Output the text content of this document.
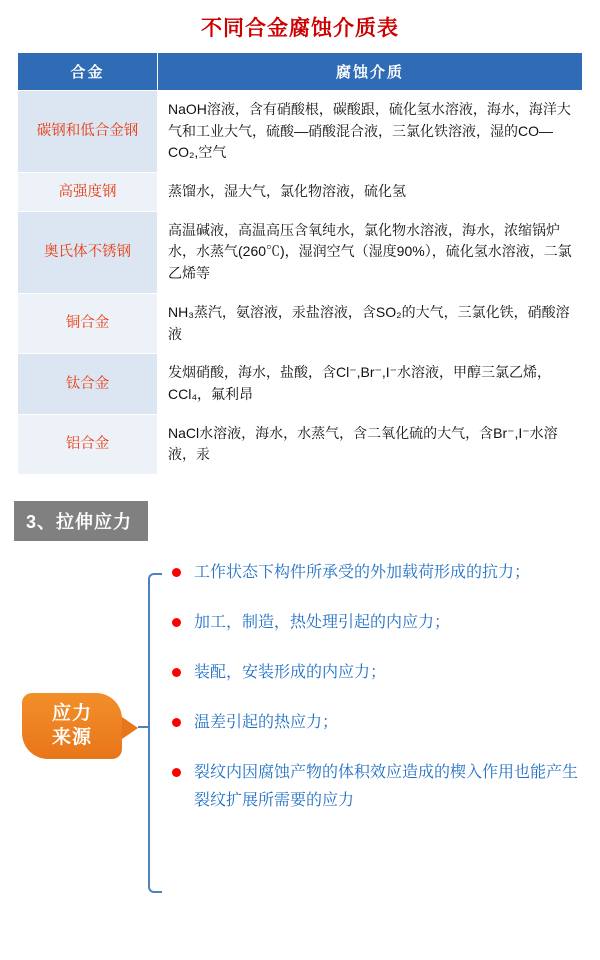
不同合金腐蚀介质表
合金	腐蚀介质
碳钢和低合金钢	NaOH溶液，含有硝酸根，碳酸跟，硫化氢水溶液，海水，海洋大气和工业大气，硫酸—硝酸混合液，三氯化铁溶液，湿的CO—CO₂,空气
高强度钢	蒸馏水，湿大气，氯化物溶液，硫化氢
奥氏体不锈钢	高温碱液，高温高压含氧纯水，氯化物水溶液，海水，浓缩锅炉水，水蒸气(260℃)，湿润空气（湿度90%），硫化氢水溶液，二氯乙烯等
铜合金	NH₃蒸汽，氨溶液，汞盐溶液，含SO₂的大气，三氯化铁，硝酸溶液
钛合金	发烟硝酸，海水，盐酸，含Cl⁻,Br⁻,I⁻水溶液，甲醇三氯乙烯，CCl₄，氟利昂
铝合金	NaCl水溶液，海水，水蒸气，含二氧化硫的大气，含Br⁻,I⁻水溶液，汞
3、拉伸应力
应力
来源
工作状态下构件所承受的外加载荷形成的抗力；
加工，制造，热处理引起的内应力；
装配，安装形成的内应力；
温差引起的热应力；
裂纹内因腐蚀产物的体积效应造成的楔入作用也能产生裂纹扩展所需要的应力
